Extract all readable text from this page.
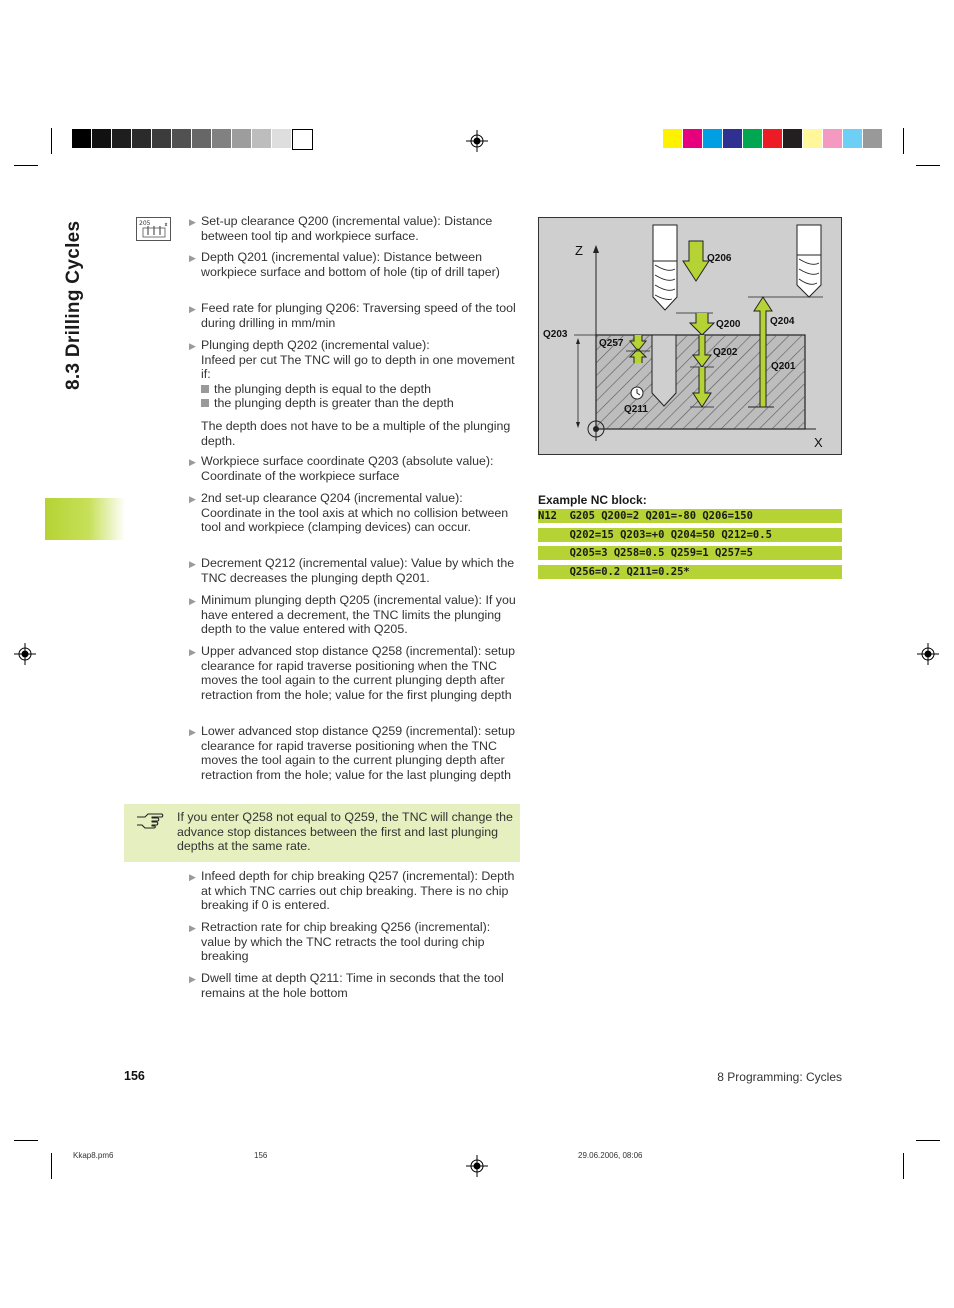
8.3 Drilling Cycles	205	▶ Set-up clearance Q200 (incremental value): Distance between tool tip and workpiece surface.
▶ Depth Q201 (incremental value): Distance between workpiece surface and bottom of hole (tip of drill taper)
▶ Feed rate for plunging Q206: Traversing speed of the tool during drilling in mm/min
▶ Plunging depth Q202 (incremental value):
Infeed per cut The TNC will go to depth in one movement if:
the plunging depth is equal to the depth
the plunging depth is greater than the depth
The depth does not have to be a multiple of the plunging depth.
▶ Workpiece surface coordinate Q203 (absolute value): Coordinate of the workpiece surface
▶ 2nd set-up clearance Q204 (incremental value): Coordinate in the tool axis at which no collision between tool and workpiece (clamping devices) can occur.
▶ Decrement Q212 (incremental value): Value by which the TNC decreases the plunging depth Q201.
▶ Minimum plunging depth Q205 (incremental value): If you have entered a decrement, the TNC limits the plunging depth to the value entered with Q205.
▶ Upper advanced stop distance Q258 (incremental): setup clearance for rapid traverse positioning when the TNC moves the tool again to the current plunging depth after retraction from the hole; value for the first plunging depth
▶ Lower advanced stop distance Q259 (incremental): setup clearance for rapid traverse positioning when the TNC moves the tool again to the current plunging depth after retraction from the hole; value for the last plunging depth
If you enter Q258 not equal to Q259, the TNC will change the advance stop distances between the first and last plunging depths at the same rate.
▶ Infeed depth for chip breaking Q257 (incremental): Depth at which TNC carries out chip breaking. There is no chip breaking if 0 is entered.
▶ Retraction rate for chip breaking Q256 (incremental): value by which the TNC retracts the tool during chip breaking
▶ Dwell time at depth Q211: Time in seconds that the tool remains at the hole bottom
Z
X
Q203
Q206
Q200	Q204
Q202
Q201
Q257
Q211
Example NC block:
N12  G205 Q200=2 Q201=-80 Q206=150
Q202=15 Q203=+0 Q204=50 Q212=0.5
Q205=3 Q258=0.5 Q259=1 Q257=5
Q256=0.2 Q211=0.25*
156	8 Programming: Cycles
Kkap8.pm6	156	29.06.2006, 08:06
